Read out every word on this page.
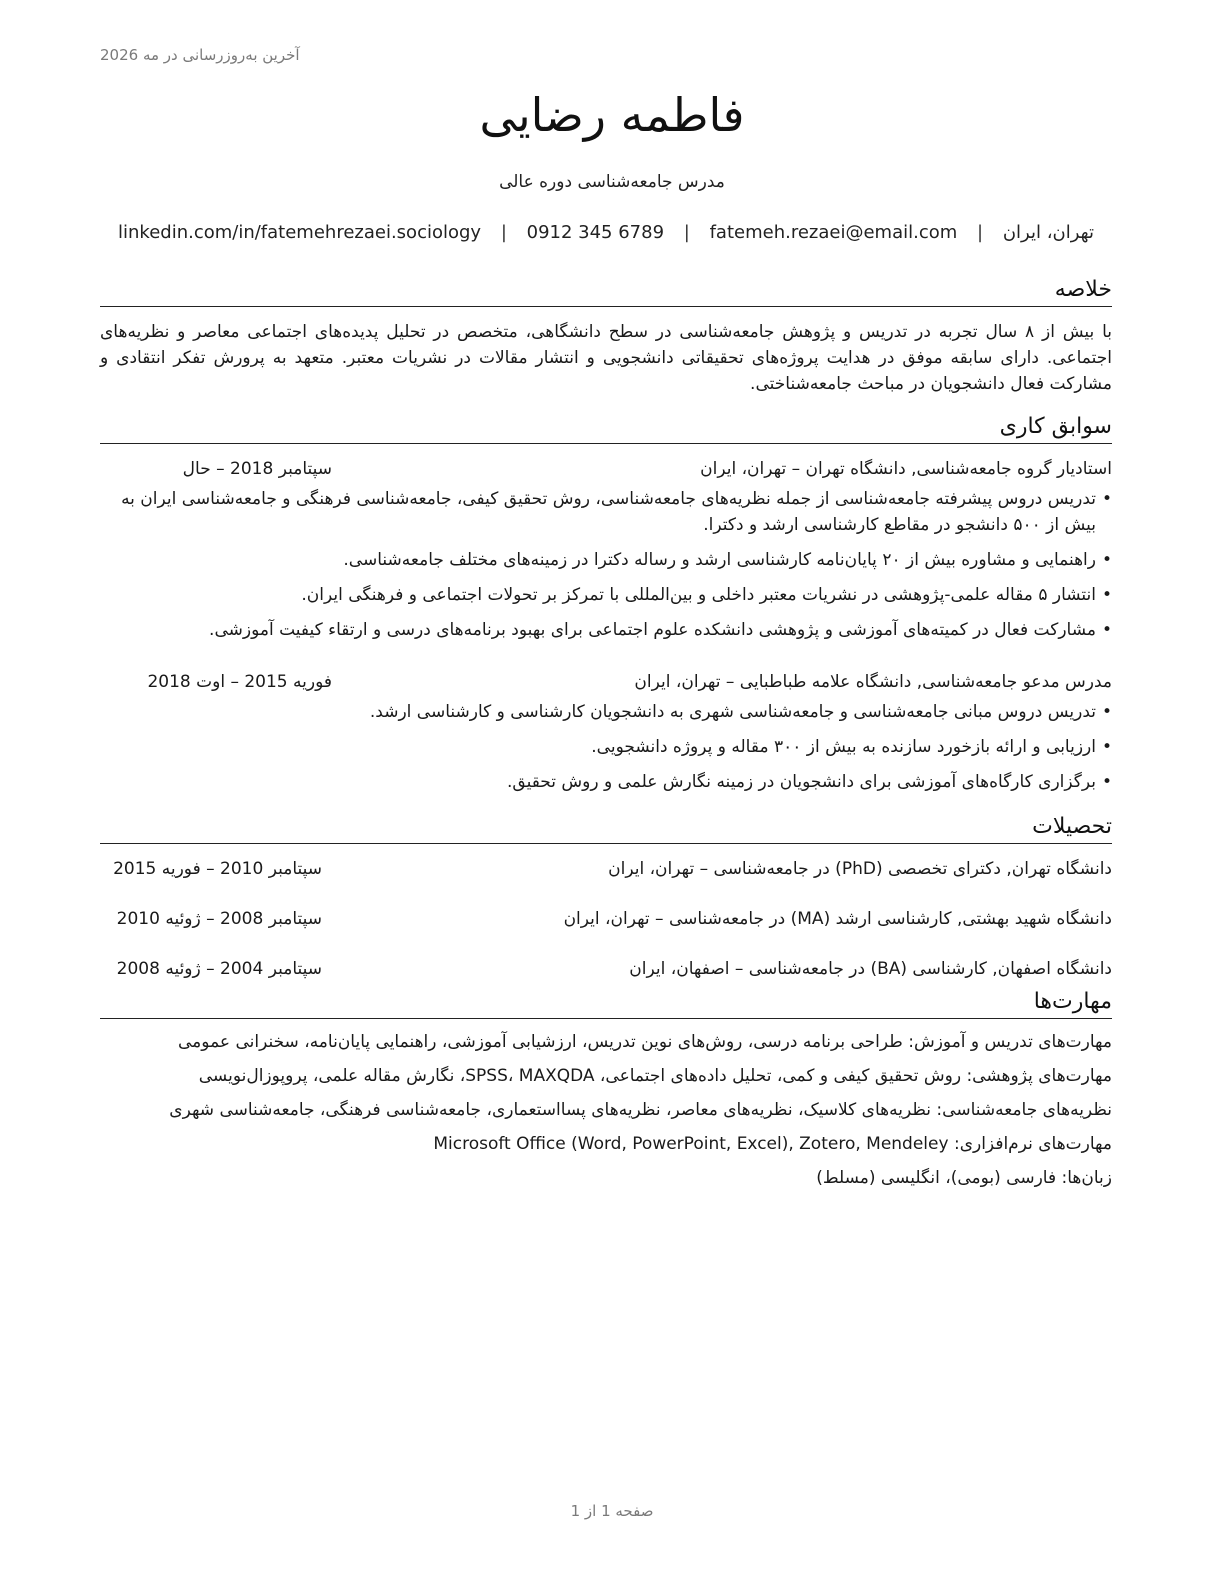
آخرین به‌روزرسانی در مه 2026
فاطمه رضایی
مدرس جامعه‌شناسی دوره عالی
تهران، ایران | fatemeh.rezaei@email.com | 0912 345 6789 | linkedin.com/in/fatemehrezaei.sociology
خلاصه

با بیش از ۸ سال تجربه در تدریس و پژوهش جامعه‌شناسی در سطح دانشگاهی، متخصص در تحلیل پدیده‌های اجتماعی معاصر و نظریه‌های اجتماعی. دارای سابقه موفق در هدایت پروژه‌های تحقیقاتی دانشجویی و انتشار مقالات در نشریات معتبر. متعهد به پرورش تفکر انتقادی و مشارکت فعال دانشجویان در مباحث جامعه‌شناختی.

سوابق کاری
استادیار گروه جامعه‌شناسی, دانشگاه تهران – تهران، ایران
سپتامبر 2018 – حال
• تدریس دروس پیشرفته جامعه‌شناسی از جمله نظریه‌های جامعه‌شناسی، روش تحقیق کیفی، جامعه‌شناسی فرهنگی و جامعه‌شناسی ایران به بیش از ۵۰۰ دانشجو در مقاطع کارشناسی ارشد و دکترا.
• راهنمایی و مشاوره بیش از ۲۰ پایان‌نامه کارشناسی ارشد و رساله دکترا در زمینه‌های مختلف جامعه‌شناسی.
• انتشار ۵ مقاله علمی-پژوهشی در نشریات معتبر داخلی و بین‌المللی با تمرکز بر تحولات اجتماعی و فرهنگی ایران.
• مشارکت فعال در کمیته‌های آموزشی و پژوهشی دانشکده علوم اجتماعی برای بهبود برنامه‌های درسی و ارتقاء کیفیت آموزشی.
مدرس مدعو جامعه‌شناسی, دانشگاه علامه طباطبایی – تهران، ایران
فوریه 2015 – اوت 2018
• تدریس دروس مبانی جامعه‌شناسی و جامعه‌شناسی شهری به دانشجویان کارشناسی و کارشناسی ارشد.
• ارزیابی و ارائه بازخورد سازنده به بیش از ۳۰۰ مقاله و پروژه دانشجویی.
• برگزاری کارگاه‌های آموزشی برای دانشجویان در زمینه نگارش علمی و روش تحقیق.
تحصیلات
دانشگاه تهران, دکترای تخصصی (PhD) در جامعه‌شناسی – تهران، ایران
سپتامبر 2010 – فوریه 2015
دانشگاه شهید بهشتی, کارشناسی ارشد (MA) در جامعه‌شناسی – تهران، ایران
سپتامبر 2008 – ژوئیه 2010
دانشگاه اصفهان, کارشناسی (BA) در جامعه‌شناسی – اصفهان، ایران
سپتامبر 2004 – ژوئیه 2008
مهارت‌ها

مهارت‌های تدریس و آموزش: طراحی برنامه درسی، روش‌های نوین تدریس، ارزشیابی آموزشی، راهنمایی پایان‌نامه، سخنرانی عمومی

مهارت‌های پژوهشی: روش تحقیق کیفی و کمی، تحلیل داده‌های اجتماعی، SPSS، MAXQDA، نگارش مقاله علمی، پروپوزال‌نویسی

نظریه‌های جامعه‌شناسی: نظریه‌های کلاسیک، نظریه‌های معاصر، نظریه‌های پسااستعماری، جامعه‌شناسی فرهنگی، جامعه‌شناسی شهری

مهارت‌های نرم‌افزاری: Microsoft Office (Word, PowerPoint, Excel), Zotero, Mendeley

زبان‌ها: فارسی (بومی)، انگلیسی (مسلط)

صفحه 1 از 1
